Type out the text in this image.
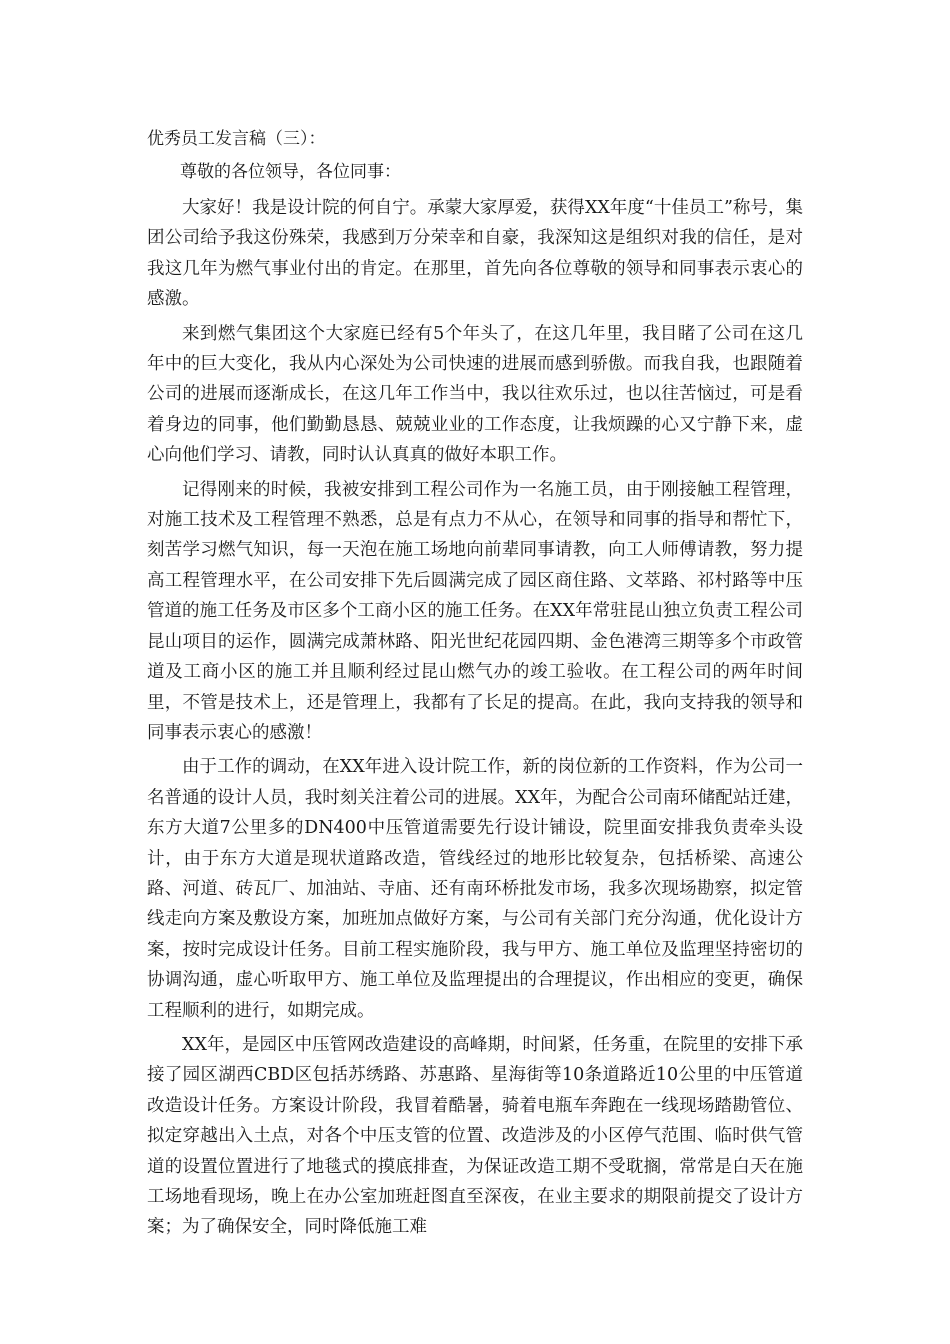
优秀员工发言稿（三）：
尊敬的各位领导，各位同事：

大家好！我是设计院的何自宁。承蒙大家厚爱，获得XX年度“十佳员工”称号，集团公司给予我这份殊荣，我感到万分荣幸和自豪，我深知这是组织对我的信任，是对我这几年为燃气事业付出的肯定。在那里，首先向各位尊敬的领导和同事表示衷心的感激。

来到燃气集团这个大家庭已经有5个年头了，在这几年里，我目睹了公司在这几年中的巨大变化，我从内心深处为公司快速的进展而感到骄傲。而我自我，也跟随着公司的进展而逐渐成长，在这几年工作当中，我以往欢乐过，也以往苦恼过，可是看着身边的同事，他们勤勤恳恳、兢兢业业的工作态度，让我烦躁的心又宁静下来，虚心向他们学习、请教，同时认认真真的做好本职工作。

记得刚来的时候，我被安排到工程公司作为一名施工员，由于刚接触工程管理，对施工技术及工程管理不熟悉，总是有点力不从心，在领导和同事的指导和帮忙下，刻苦学习燃气知识，每一天泡在施工场地向前辈同事请教，向工人师傅请教，努力提高工程管理水平，在公司安排下先后圆满完成了园区商住路、文萃路、祁村路等中压管道的施工任务及市区多个工商小区的施工任务。在XX年常驻昆山独立负责工程公司昆山项目的运作，圆满完成萧林路、阳光世纪花园四期、金色港湾三期等多个市政管道及工商小区的施工并且顺利经过昆山燃气办的竣工验收。在工程公司的两年时间里，不管是技术上，还是管理上，我都有了长足的提高。在此，我向支持我的领导和同事表示衷心的感激！

由于工作的调动，在XX年进入设计院工作，新的岗位新的工作资料，作为公司一名普通的设计人员，我时刻关注着公司的进展。XX年，为配合公司南环储配站迁建，东方大道7公里多的DN400中压管道需要先行设计铺设，院里面安排我负责牵头设计，由于东方大道是现状道路改造，管线经过的地形比较复杂，包括桥梁、高速公路、河道、砖瓦厂、加油站、寺庙、还有南环桥批发市场，我多次现场勘察，拟定管线走向方案及敷设方案，加班加点做好方案，与公司有关部门充分沟通，优化设计方案，按时完成设计任务。目前工程实施阶段，我与甲方、施工单位及监理坚持密切的协调沟通，虚心听取甲方、施工单位及监理提出的合理提议，作出相应的变更，确保工程顺利的进行，如期完成。

XX年，是园区中压管网改造建设的高峰期，时间紧，任务重，在院里的安排下承接了园区湖西CBD区包括苏绣路、苏惠路、星海街等10条道路近10公里的中压管道改造设计任务。方案设计阶段，我冒着酷暑，骑着电瓶车奔跑在一线现场踏勘管位、拟定穿越出入土点，对各个中压支管的位置、改造涉及的小区停气范围、临时供气管道的设置位置进行了地毯式的摸底排查，为保证改造工期不受耽搁，常常是白天在施工场地看现场，晚上在办公室加班赶图直至深夜，在业主要求的期限前提交了设计方案；为了确保安全，同时降低施工难
